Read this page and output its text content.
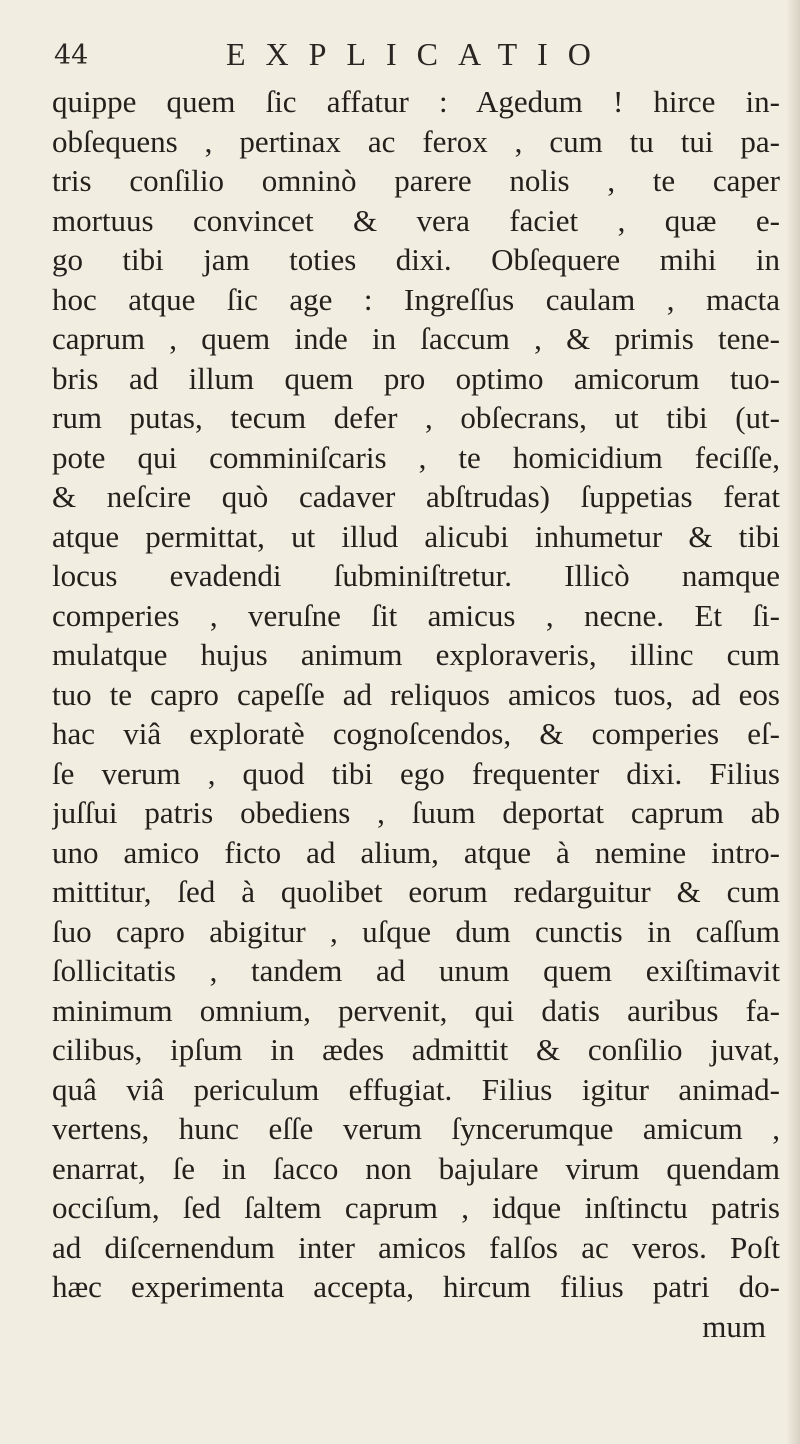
44	EXPLICATIO
quippe quem ſic affatur : Agedum ! hirce in-
obſequens , pertinax ac ferox , cum tu tui pa-
tris conſilio omninò parere nolis , te caper
mortuus convincet & vera faciet , quæ e-
go tibi jam toties dixi. Obſequere mihi in
hoc atque ſic age : Ingreſſus caulam , macta
caprum , quem inde in ſaccum , & primis tene-
bris ad illum quem pro optimo amicorum tuo-
rum putas, tecum defer , obſecrans, ut tibi (ut-
pote qui comminiſcaris , te homicidium feciſſe,
& neſcire quò cadaver abſtrudas) ſuppetias ferat
atque permittat, ut illud alicubi inhumetur & tibi
locus evadendi ſubminiſtretur. Illicò namque
comperies , veruſne ſit amicus , necne. Et ſi-
mulatque hujus animum exploraveris, illinc cum
tuo te capro capeſſe ad reliquos amicos tuos, ad eos
hac viâ exploratè cognoſcendos, & comperies eſ-
ſe verum , quod tibi ego frequenter dixi. Filius
juſſui patris obediens , ſuum deportat caprum ab
uno amico ficto ad alium, atque à nemine intro-
mittitur, ſed à quolibet eorum redarguitur & cum
ſuo capro abigitur , uſque dum cunctis in caſſum
ſollicitatis , tandem ad unum quem exiſtimavit
minimum omnium, pervenit, qui datis auribus fa-
cilibus, ipſum in ædes admittit & conſilio juvat,
quâ viâ periculum effugiat. Filius igitur animad-
vertens, hunc eſſe verum ſyncerumque amicum ,
enarrat, ſe in ſacco non bajulare virum quendam
occiſum, ſed ſaltem caprum , idque inſtinctu patris
ad diſcernendum inter amicos falſos ac veros. Poſt
hæc experimenta accepta, hircum filius patri do-
mum
